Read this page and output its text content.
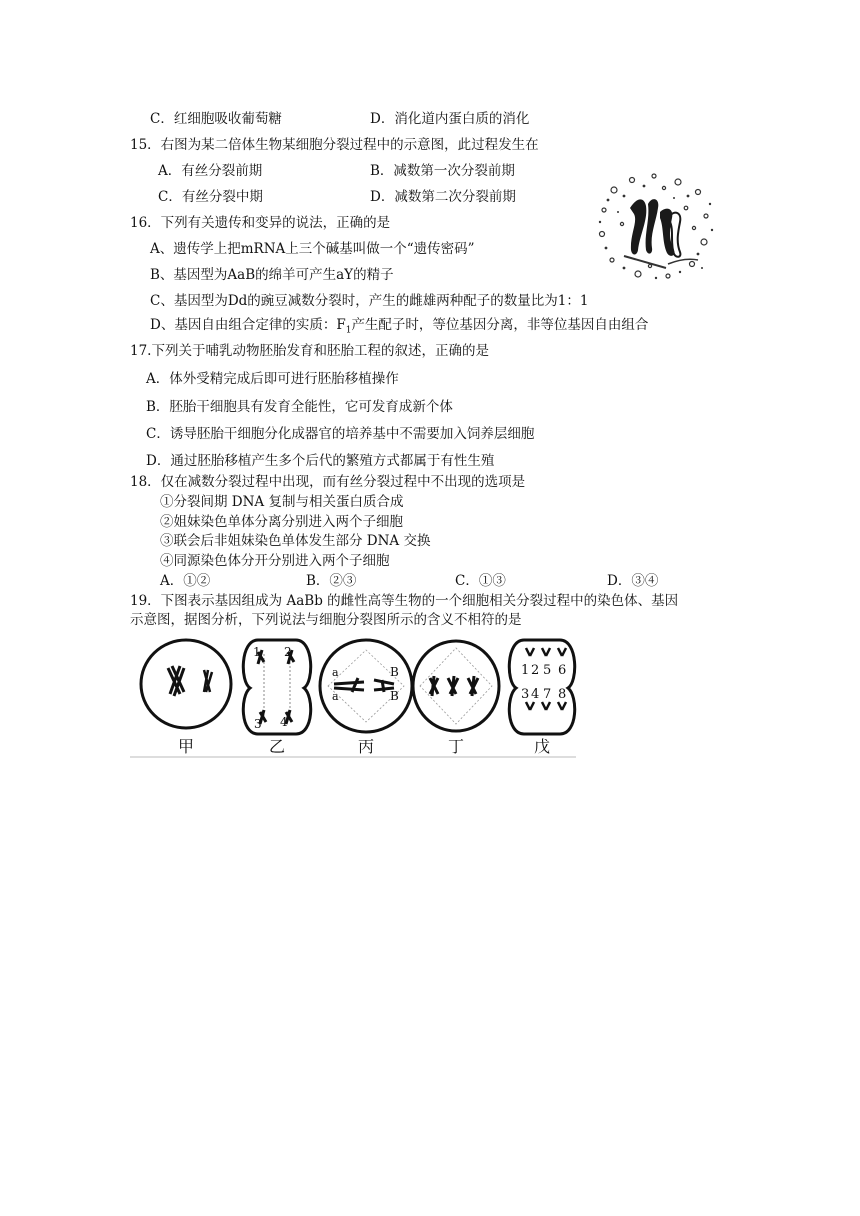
C．红细胞吸收葡萄糖	D．消化道内蛋白质的消化
15．右图为某二倍体生物某细胞分裂过程中的示意图，此过程发生在
A．有丝分裂前期	B．减数第一次分裂前期
C．有丝分裂中期	D．减数第二次分裂前期
16．下列有关遗传和变异的说法，正确的是
A、遗传学上把mRNA上三个碱基叫做一个“遗传密码”
B、基因型为AaB的绵羊可产生aY的精子
C、基因型为Dd的豌豆减数分裂时，产生的雌雄两种配子的数量比为1：1
D、基因自由组合定律的实质：$F_1$产生配子时，等位基因分离，非等位基因自由组合
17.下列关于哺乳动物胚胎发育和胚胎工程的叙述，正确的是
A．体外受精完成后即可进行胚胎移植操作
B．胚胎干细胞具有发育全能性，它可发育成新个体
C．诱导胚胎干细胞分化成器官的培养基中不需要加入饲养层细胞
D．通过胚胎移植产生多个后代的繁殖方式都属于有性生殖
18．仅在减数分裂过程中出现，而有丝分裂过程中不出现的选项是
①分裂间期 DNA 复制与相关蛋白质合成
②姐妹染色单体分离分别进入两个子细胞
③联会后非姐妹染色单体发生部分 DNA 交换
④同源染色体分开分别进入两个子细胞
A．①②	B．②③	C．①③	D．③④
19．下图表示基因组成为 AaBb 的雌性高等生物的一个细胞相关分裂过程中的染色体、基因
示意图，据图分析，下列说法与细胞分裂图所示的含义不相符的是
1 2
3 4
a
a
B
B
1 2 5 6
3 4 7 8
甲	乙	丙	丁	戊
